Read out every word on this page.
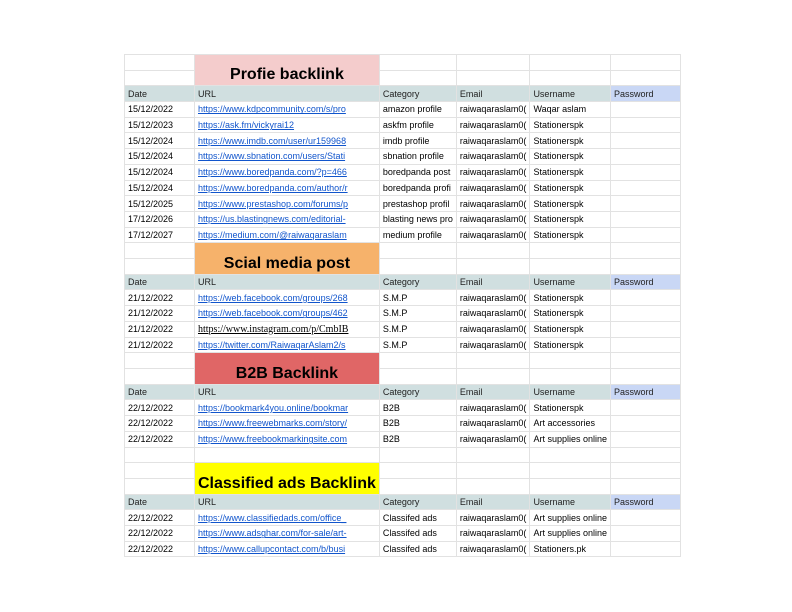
	Profie backlink				

Date	URL	Category	Email	Username	Password
15/12/2022	https://www.kdpcommunity.com/s/pro	amazon profile	raiwaqaraslam0(	Waqar aslam	
15/12/2023	https://ask.fm/vickyrai12	askfm profile	raiwaqaraslam0(	Stationerspk	
15/12/2024	https://www.imdb.com/user/ur159968	imdb profile	raiwaqaraslam0(	Stationerspk	
15/12/2024	https://www.sbnation.com/users/Stati	sbnation profile	raiwaqaraslam0(	Stationerspk	
15/12/2024	https://www.boredpanda.com/?p=466	boredpanda post	raiwaqaraslam0(	Stationerspk	
15/12/2024	https://www.boredpanda.com/author/r	boredpanda profi	raiwaqaraslam0(	Stationerspk	
15/12/2025	https://www.prestashop.com/forums/p	prestashop profil	raiwaqaraslam0(	Stationerspk	
17/12/2026	https://us.blastingnews.com/editorial-	blasting news pro	raiwaqaraslam0(	Stationerspk	
17/12/2027	https://medium.com/@raiwaqaraslam	medium profile	raiwaqaraslam0(	Stationerspk	
	Scial media post				

Date	URL	Category	Email	Username	Password
21/12/2022	https://web.facebook.com/groups/268	S.M.P	raiwaqaraslam0(	Stationerspk	
21/12/2022	https://web.facebook.com/groups/462	S.M.P	raiwaqaraslam0(	Stationerspk	
21/12/2022	https://www.instagram.com/p/CmbIB	S.M.P	raiwaqaraslam0(	Stationerspk	
21/12/2022	https://twitter.com/RaiwaqarAslam2/s	S.M.P	raiwaqaraslam0(	Stationerspk	
	B2B Backlink				

Date	URL	Category	Email	Username	Password
22/12/2022	https://bookmark4you.online/bookmar	B2B	raiwaqaraslam0(	Stationerspk	
22/12/2022	https://www.freewebmarks.com/story/	B2B	raiwaqaraslam0(	Art accessories	
22/12/2022	https://www.freebookmarkingsite.com	B2B	raiwaqaraslam0(	Art supplies online	

	Classified ads Backlink				

Date	URL	Category	Email	Username	Password
22/12/2022	https://www.classifiedads.com/office_	Classifed ads	raiwaqaraslam0(	Art supplies online	
22/12/2022	https://www.adsghar.com/for-sale/art-	Classifed ads	raiwaqaraslam0(	Art supplies online	
22/12/2022	https://www.callupcontact.com/b/busi	Classifed ads	raiwaqaraslam0(	Stationers.pk	
